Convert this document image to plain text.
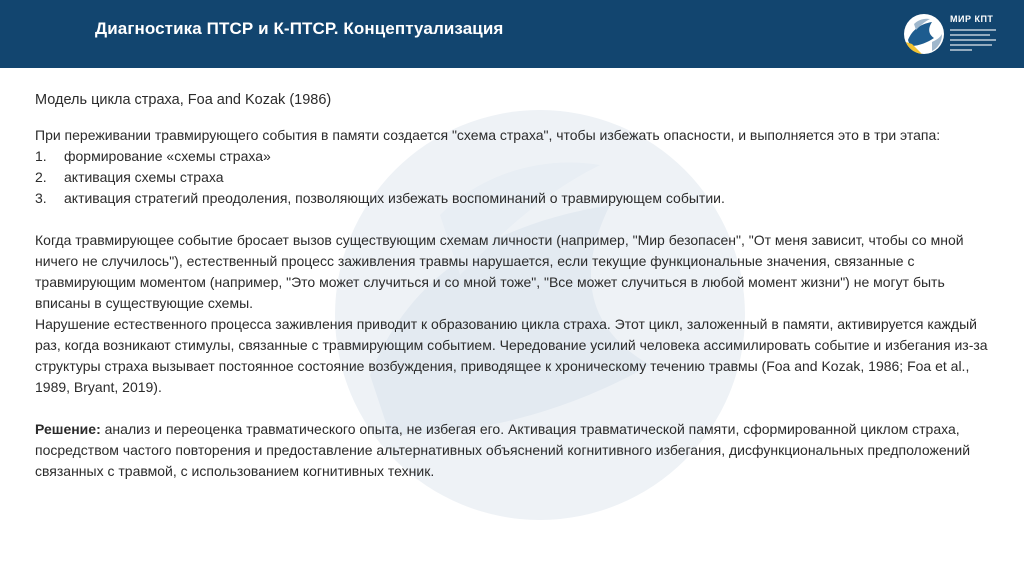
Диагностика ПТСР и К-ПТСР. Концептуализация	МИР КПТ

Модель цикла страха, Foa and Kozak (1986)

При переживании травмирующего события в памяти создается "схема страха", чтобы избежать опасности, и выполняется это в три этапа:

1.	формирование «схемы страха»
2.	активация схемы страха
3.	активация стратегий преодоления, позволяющих избежать воспоминаний о травмирующем событии.

Когда травмирующее событие бросает вызов существующим схемам личности (например, "Мир безопасен", "От меня зависит, чтобы со мной ничего не случилось"), естественный процесс заживления травмы нарушается, если текущие функциональные значения, связанные с травмирующим моментом (например, "Это может случиться и со мной тоже", "Все может случиться в любой момент жизни") не могут быть вписаны в существующие схемы.

Нарушение естественного процесса заживления приводит к образованию цикла страха. Этот цикл, заложенный в памяти, активируется каждый раз, когда возникают стимулы, связанные с травмирующим событием. Чередование усилий человека ассимилировать событие и избегания из-за структуры страха вызывает постоянное состояние возбуждения, приводящее к хроническому течению травмы (Foa and Kozak, 1986; Foa et al., 1989, Bryant, 2019).

Решение: анализ и переоценка травматического опыта, не избегая его. Активация травматической памяти, сформированной циклом страха, посредством частого повторения и предоставление альтернативных объяснений когнитивного избегания, дисфункциональных предположений связанных с травмой, с использованием когнитивных техник.
